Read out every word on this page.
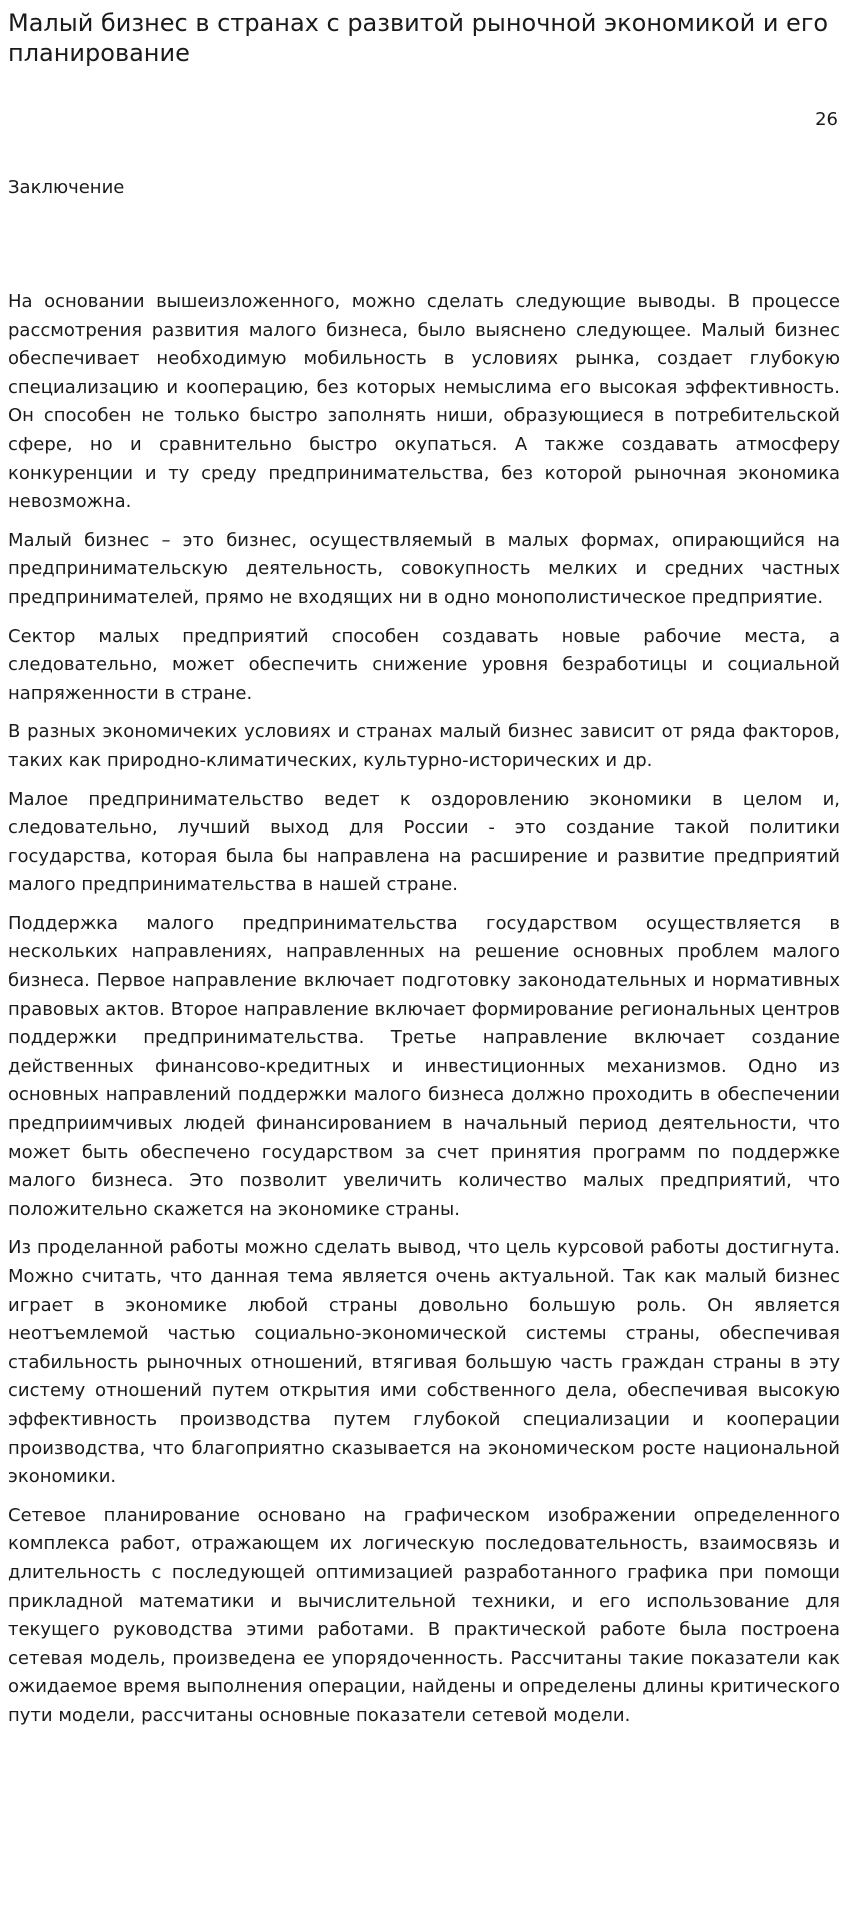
Малый бизнес в странах с развитой рыночной экономикой и его планирование
26
Заключение

На основании вышеизложенного, можно сделать следующие выводы. В процессе рассмотрения развития малого бизнеса, было выяснено следующее. Малый бизнес обеспечивает необходимую мобильность в условиях рынка, создает глубокую специализацию и кооперацию, без которых немыслима его высокая эффективность. Он способен не только быстро заполнять ниши, образующиеся в потребительской сфере, но и сравнительно быстро окупаться. А также создавать атмосферу конкуренции и ту среду предпринимательства, без которой рыночная экономика невозможна.

Малый бизнес – это бизнес, осуществляемый в малых формах, опирающийся на предпринимательскую деятельность, совокупность мелких и средних частных предпринимателей, прямо не входящих ни в одно монополистическое предприятие.

Сектор малых предприятий способен создавать новые рабочие места, а следовательно, может обеспечить снижение уровня безработицы и социальной напряженности в стране.

В разных экономичеких условиях и странах малый бизнес зависит от ряда факторов, таких как природно-климатических, культурно-исторических и др.

Малое предпринимательство ведет к оздоровлению экономики в целом и, следовательно, лучший выход для России - это создание такой политики государства, которая была бы направлена на расширение и развитие предприятий малого предпринимательства в нашей стране.

Поддержка малого предпринимательства государством осуществляется в нескольких направлениях, направленных на решение основных проблем малого бизнеса. Первое направление включает подготовку законодательных и нормативных правовых актов. Второе направление включает формирование региональных центров поддержки предпринимательства. Третье направление включает создание действенных финансово-кредитных и инвестиционных механизмов. Одно из основных направлений поддержки малого бизнеса должно проходить в обеспечении предприимчивых людей финансированием в начальный период деятельности, что может быть обеспечено государством за счет принятия программ по поддержке малого бизнеса. Это позволит увеличить количество малых предприятий, что положительно скажется на экономике страны.

Из проделанной работы можно сделать вывод, что цель курсовой работы достигнута. Можно считать, что данная тема является очень актуальной. Так как малый бизнес играет в экономике любой страны довольно большую роль. Он является неотъемлемой частью социально-экономической системы страны, обеспечивая стабильность рыночных отношений, втягивая большую часть граждан страны в эту систему отношений путем открытия ими собственного дела, обеспечивая высокую эффективность производства путем глубокой специализации и кооперации производства, что благоприятно сказывается на экономическом росте национальной экономики.

Сетевое планирование основано на графическом изображении определенного комплекса работ, отражающем их логическую последовательность, взаимосвязь и длительность с последующей оптимизацией разработанного графика при помощи прикладной математики и вычислительной техники, и его использование для текущего руководства этими работами. В практической работе была построена сетевая модель, произведена ее упорядоченность. Рассчитаны такие показатели как ожидаемое время выполнения операции, найдены и определены длины критического пути модели, рассчитаны основные показатели сетевой модели.
